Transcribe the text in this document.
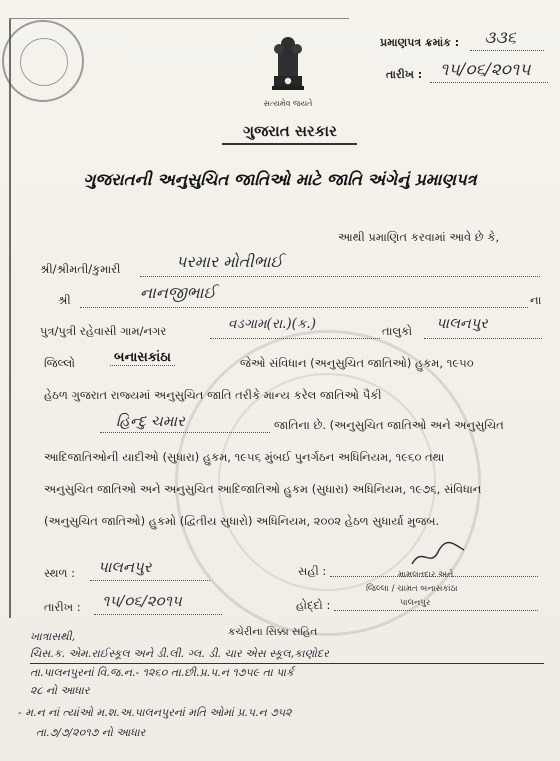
પ્રમાણપત્ર ક્રમાંક : ૩૩૬
તારીખ : ૧૫/૦૬/૨૦૧૫
સત્યમેવ જયતે
ગુજરાત સરકાર
ગુજરાતની અનુસુચિત જાતિઓ માટે જાતિ અંગેનું પ્રમાણપત્ર
આથી પ્રમાણિત કરવામાં આવે છે કે,
શ્રી/શ્રીમતી/કુમારી	પરમાર મોતીભાઈ
શ્રી	નાનજીભાઈ	ના
પુત્ર/પુત્રી રહેવાસી ગામ/નગર	વડગામ(રા.)(ક.)	તાલુકો પાલનપુર
જિલ્લો	બનાસકાંઠા	જેઓ સંવિધાન (અનુસુચિત જાતિઓ) હુકમ, ૧૯૫૦
હેઠળ ગુજરાત રાજ્યમાં અનુસુચિત જાતિ તરીકે માન્ય કરેલ જાતિઓ પૈકી
હિન્દુ ચમાર	જાતિના છે. (અનુસુચિત જાતિઓ અને અનુસુચિત
આદિજાતિઓની યાદીઓ (સુધારા) હુકમ, ૧૯૫૬ મુંબઈ પુનર્ગઠન અધિનિયમ, ૧૯૬૦ તથા
અનુસુચિત જાતિઓ અને અનુસુચિત આદિજાતિઓ હુકમ (સુધારા) અધિનિયમ, ૧૯૭૬, સંવિધાન
(અનુસુચિત જાતિઓ) હુકમો (દ્વિતીય સુધારો) અધિનિયમ, ૨૦૦૨ હેઠળ સુધાર્યા મુજબ.
સ્થળ : પાલનપુર	સહી :	મામલતદાર અને
જિલ્લા / ચામત બનાસકાંઠા
તારીખ : ૧૫/૦૬/૨૦૧૫	હોદ્દો :	પાલનપુર
કચેરીના સિક્કા સહિત
ખાત્રાસથી,
ચિસ.ક. એમ.રાઈસ્કૂલ અને ડી.લી. ગ્લ. ડી. ચાર એસ સ્કૂલ,કાણોદર
તા.પાલનપુરનાં વિ.જ.ન.- ૧૨૬૦ તા.છી.પ્ર.પ.ન ૧૭૫૯ તા પાર્ક
૨૮ નો આધાર
- મ.ન નાં ત્યાંઓ મ.શ.અ.પાલનપુરનાં મતિ ઓમાં પ્ર.પ.ન ૭૫૨
તા.૭/૭/૨૦૧૭ નો આધાર
